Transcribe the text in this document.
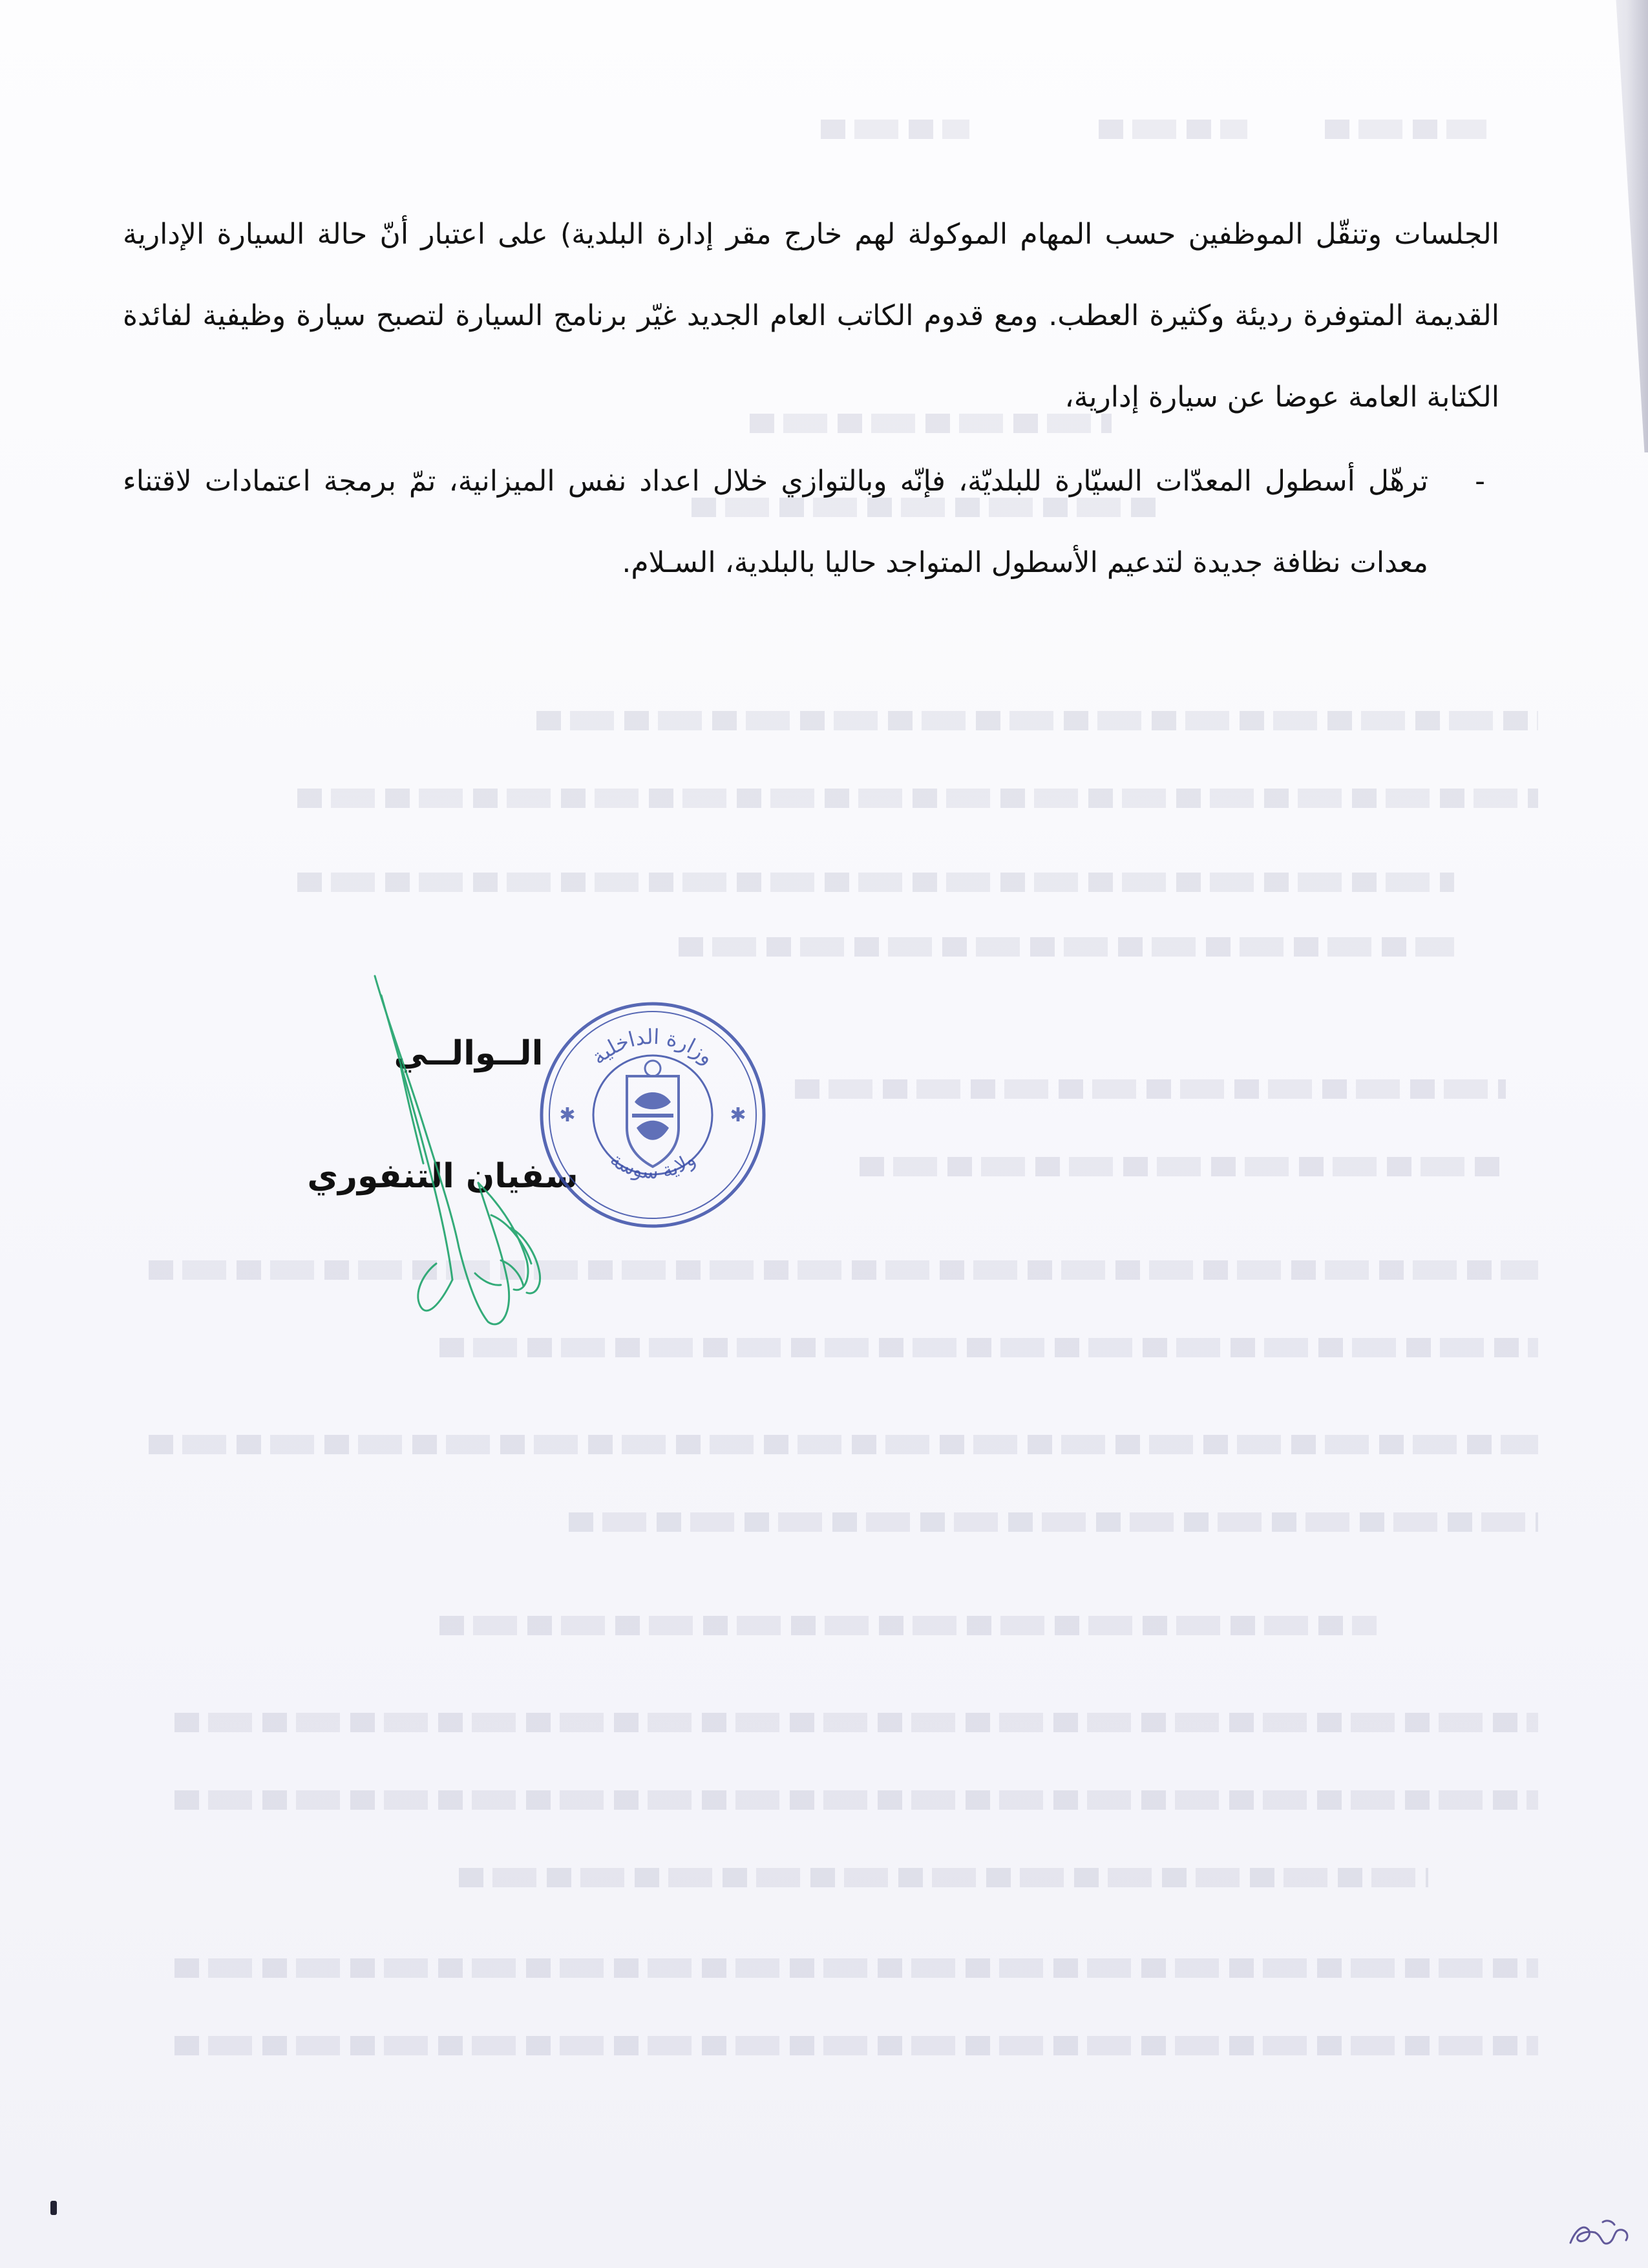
الجلسات وتنقّل الموظفين حسب المهام الموكولة لهم خارج مقر إدارة البلدية) على اعتبار أنّ حالة السيارة الإدارية القديمة المتوفرة رديئة وكثيرة العطب. ومع قدوم الكاتب العام الجديد غيّر برنامج السيارة لتصبح سيارة وظيفية لفائدة الكتابة العامة عوضا عن سيارة إدارية،

-
ترهّل أسطول المعدّات السيّارة للبلديّة، فإنّه وبالتوازي خلال اعداد نفس الميزانية، تمّ برمجة اعتمادات لاقتناء معدات نظافة جديدة لتدعيم الأسطول المتواجد حاليا بالبلدية، السـلام.

الــوالــي
سفيان التنفوري
وزارة الداخلية
ولاية سوسة
✱	✱
